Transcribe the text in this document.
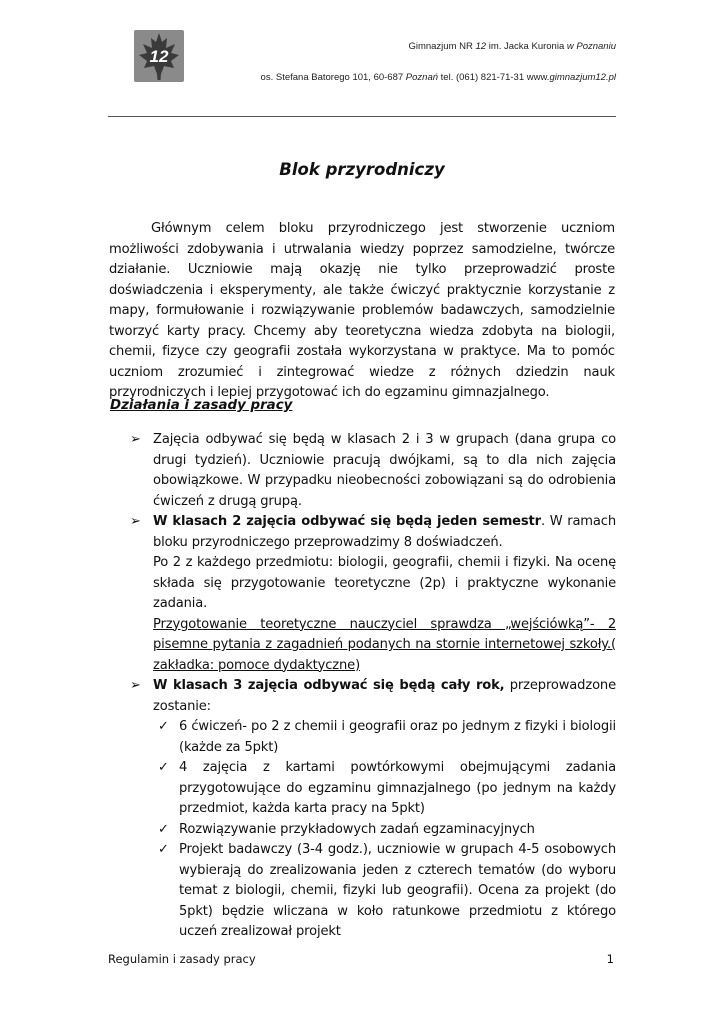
12
Gimnazjum NR 12 im. Jacka Kuronia w Poznaniu
os. Stefana Batorego 101, 60-687 Poznań tel. (061) 821-71-31 www.gimnazjum12.pl
Blok przyrodniczy
Głównym celem bloku przyrodniczego jest stworzenie uczniom możliwości zdobywania i utrwalania wiedzy poprzez samodzielne, twórcze działanie. Uczniowie mają okazję nie tylko przeprowadzić proste doświadczenia i eksperymenty, ale także ćwiczyć praktycznie korzystanie z mapy, formułowanie i rozwiązywanie problemów badawczych, samodzielnie tworzyć karty pracy. Chcemy aby teoretyczna wiedza zdobyta na biologii, chemii, fizyce czy geografii została wykorzystana w praktyce. Ma to pomóc uczniom zrozumieć i zintegrować wiedze z różnych dziedzin nauk przyrodniczych i lepiej przygotować ich do egzaminu gimnazjalnego.
Działania i zasady pracy
➢ Zajęcia odbywać się będą w klasach 2 i 3 w grupach (dana grupa co drugi tydzień). Uczniowie pracują dwójkami, są to dla nich zajęcia obowiązkowe. W przypadku nieobecności zobowiązani są do odrobienia ćwiczeń z drugą grupą.

➢ W klasach 2 zajęcia odbywać się będą jeden semestr. W ramach bloku przyrodniczego przeprowadzimy 8 doświadczeń.

Po 2 z każdego przedmiotu: biologii, geografii, chemii i fizyki. Na ocenę składa się przygotowanie teoretyczne (2p) i praktyczne wykonanie zadania.

Przygotowanie teoretyczne nauczyciel sprawdza „wejściówką”- 2 pisemne pytania z zagadnień podanych na stornie internetowej szkoły.( zakładka: pomoce dydaktyczne)

➢ W klasach 3 zajęcia odbywać się będą cały rok, przeprowadzone zostanie:

✓ 6 ćwiczeń- po 2 z chemii i geografii oraz po jednym z fizyki i biologii (każde za 5pkt)
✓ 4 zajęcia z kartami powtórkowymi obejmującymi zadania przygotowujące do egzaminu gimnazjalnego (po jednym na każdy przedmiot, każda karta pracy na 5pkt)
✓ Rozwiązywanie przykładowych zadań egzaminacyjnych
✓ Projekt badawczy (3-4 godz.), uczniowie w grupach 4-5 osobowych wybierają do zrealizowania jeden z czterech tematów (do wyboru temat z biologii, chemii, fizyki lub geografii). Ocena za projekt (do 5pkt) będzie wliczana w koło ratunkowe przedmiotu z którego uczeń zrealizował projekt
Regulamin i zasady pracy	1
